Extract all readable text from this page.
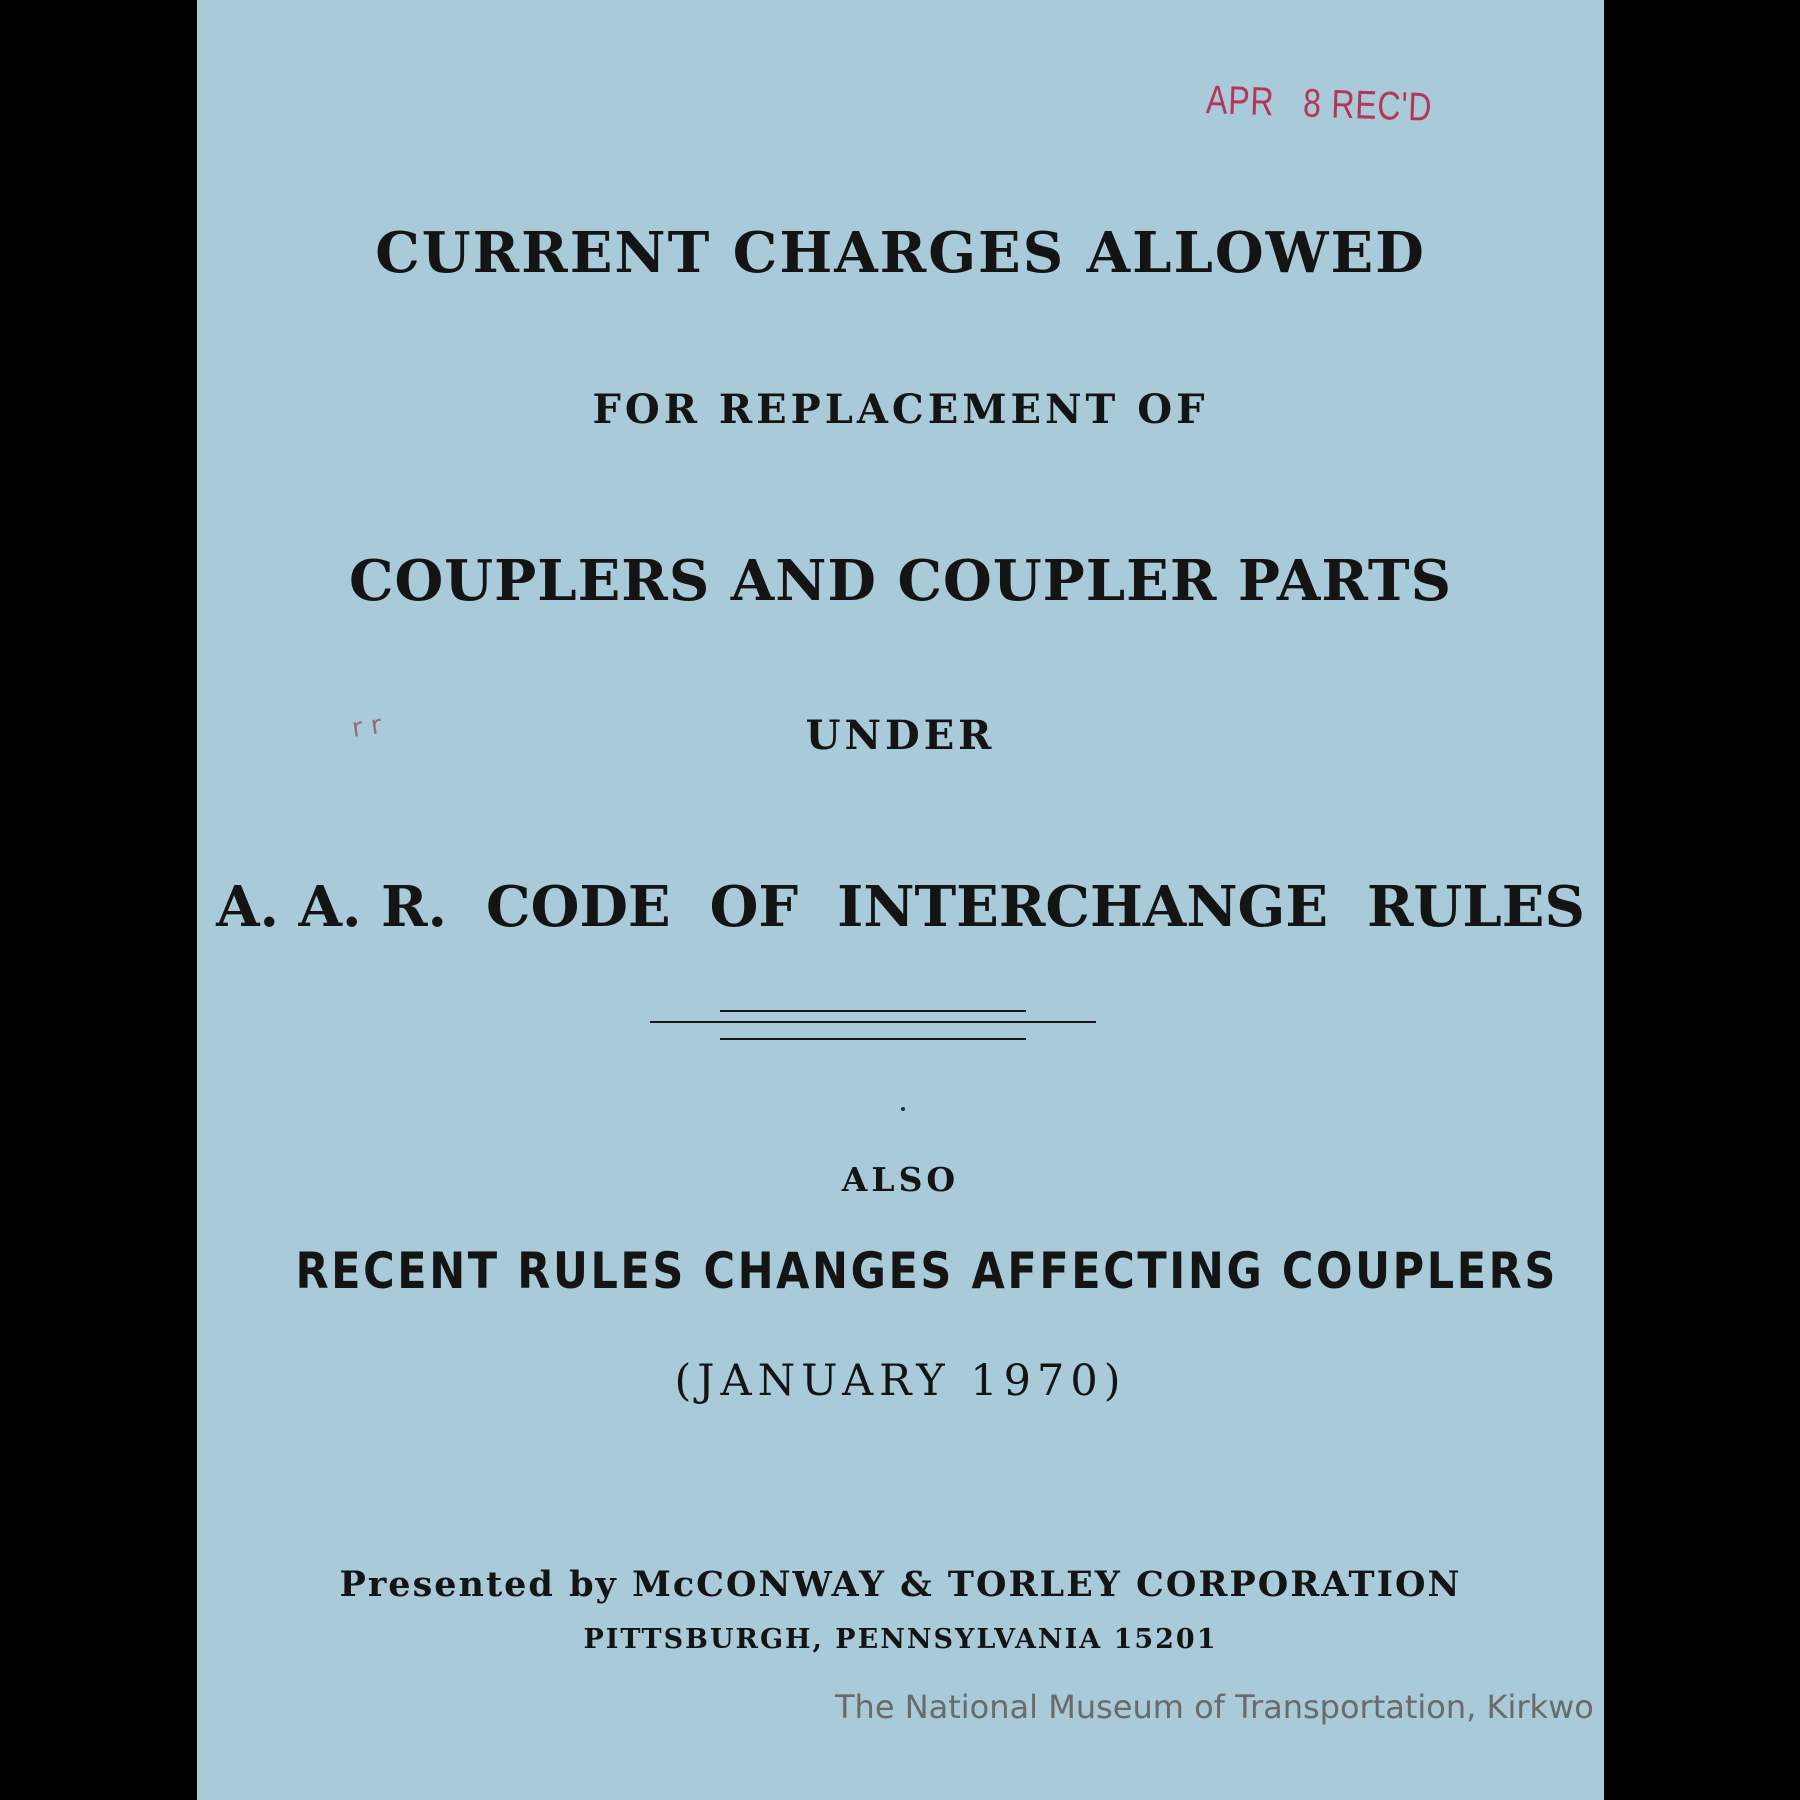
APR 8 REC'D
r r

CURRENT CHARGES ALLOWED

FOR REPLACEMENT OF

COUPLERS AND COUPLER PARTS

UNDER

A. A. R.  CODE  OF  INTERCHANGE  RULES

ALSO

RECENT RULES CHANGES AFFECTING COUPLERS

(JANUARY 1970)

Presented by McCONWAY & TORLEY CORPORATION

PITTSBURGH, PENNSYLVANIA 15201

The National Museum of Transportation, Kirkwo
